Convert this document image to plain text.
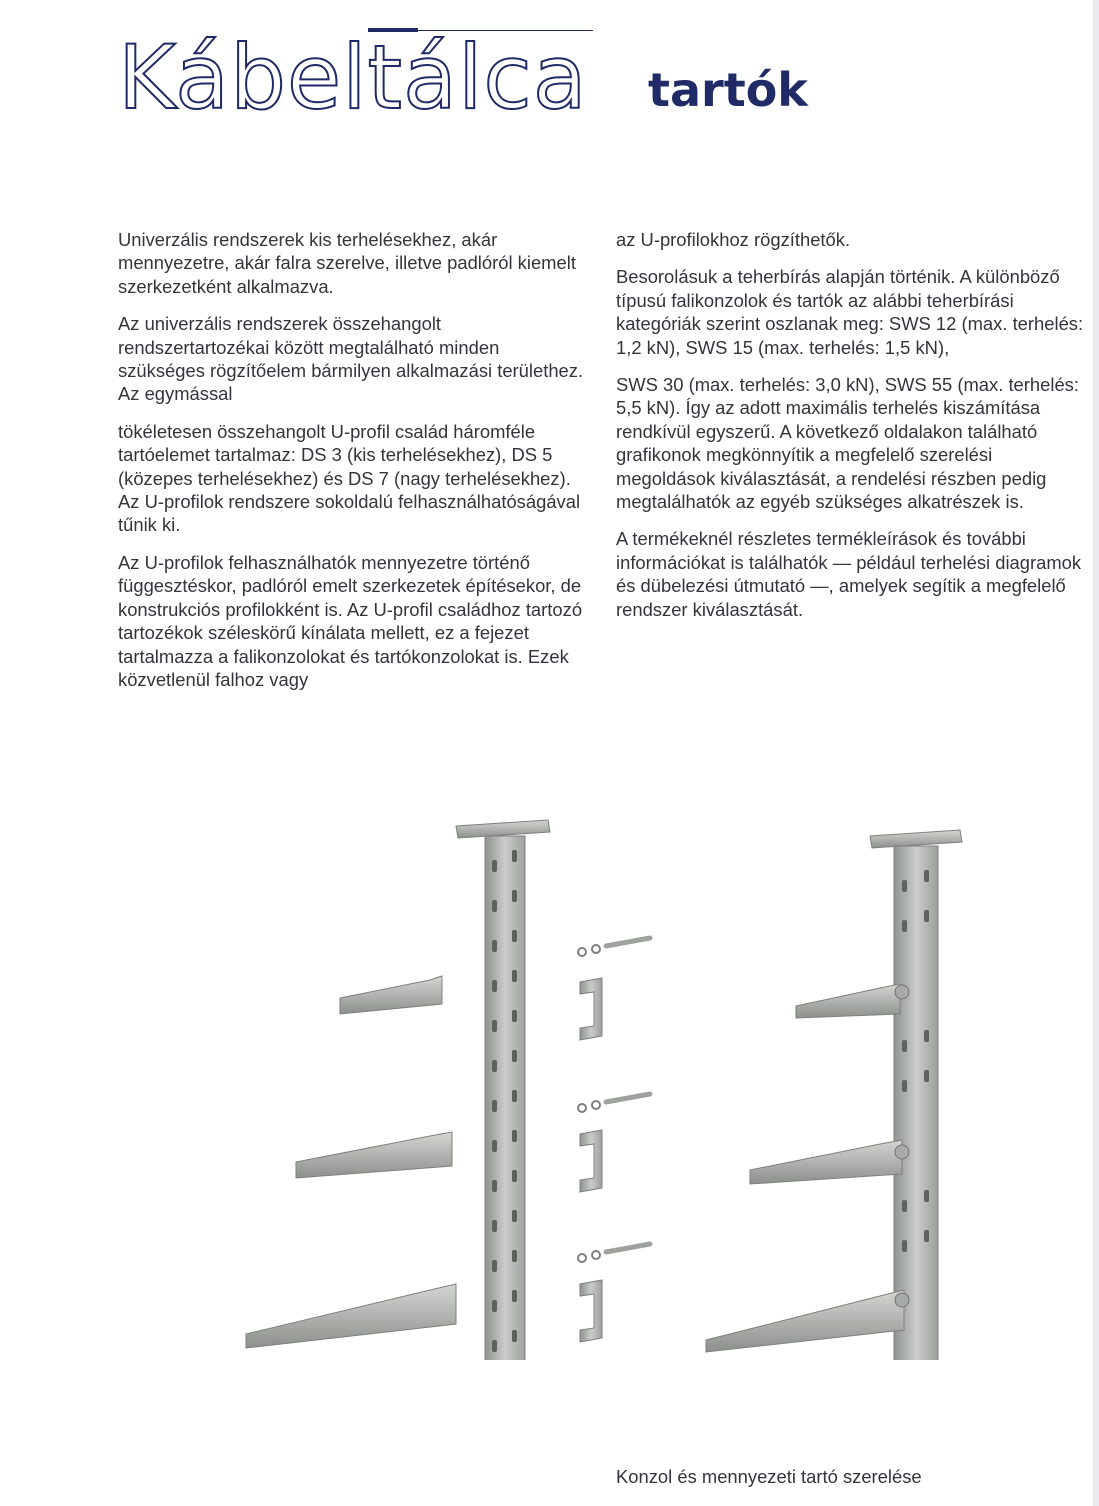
Kábeltálca tartók

Univerzális rendszerek kis terhelésekhez, akár mennyezetre, akár falra szerelve, illetve padlóról kiemelt szerkezetként alkalmazva.

Az univerzális rendszerek összehangolt rendszertartozékai között megtalálható minden szükséges rögzítőelem bármilyen alkalmazási területhez. Az egymással

tökéletesen összehangolt U-profil család háromféle tartóelemet tartalmaz: DS 3 (kis terhelésekhez), DS 5 (közepes terhelésekhez) és DS 7 (nagy terhelésekhez). Az U-profilok rendszere sokoldalú felhasználhatóságával tűnik ki.

Az U-profilok felhasználhatók mennyezetre történő függesztéskor, padlóról emelt szerkezetek építésekor, de konstrukciós profilokként is. Az U-profil családhoz tartozó tartozékok széleskörű kínálata mellett, ez a fejezet tartalmazza a falikonzolokat és tartókonzolokat is. Ezek közvetlenül falhoz vagy

az U-profilokhoz rögzíthetők.

Besorolásuk a teherbírás alapján történik. A különböző típusú falikonzolok és tartók az alábbi teherbírási kategóriák szerint oszlanak meg: SWS 12 (max. terhelés: 1,2 kN), SWS 15 (max. terhelés: 1,5 kN),

SWS 30 (max. terhelés: 3,0 kN), SWS 55 (max. terhelés: 5,5 kN). Így az adott maximális terhelés kiszámítása rendkívül egyszerű. A következő oldalakon található grafikonok megkönnyítik a megfelelő szerelési megoldások kiválasztását, a rendelési részben pedig megtalálhatók az egyéb szükséges alkatrészek is.

A termékeknél részletes termékleírások és további információkat is találhatók — például terhelési diagramok és dübelezési útmutató —, amelyek segítik a megfelelő rendszer kiválasztását.

Konzol és mennyezeti tartó szerelése
